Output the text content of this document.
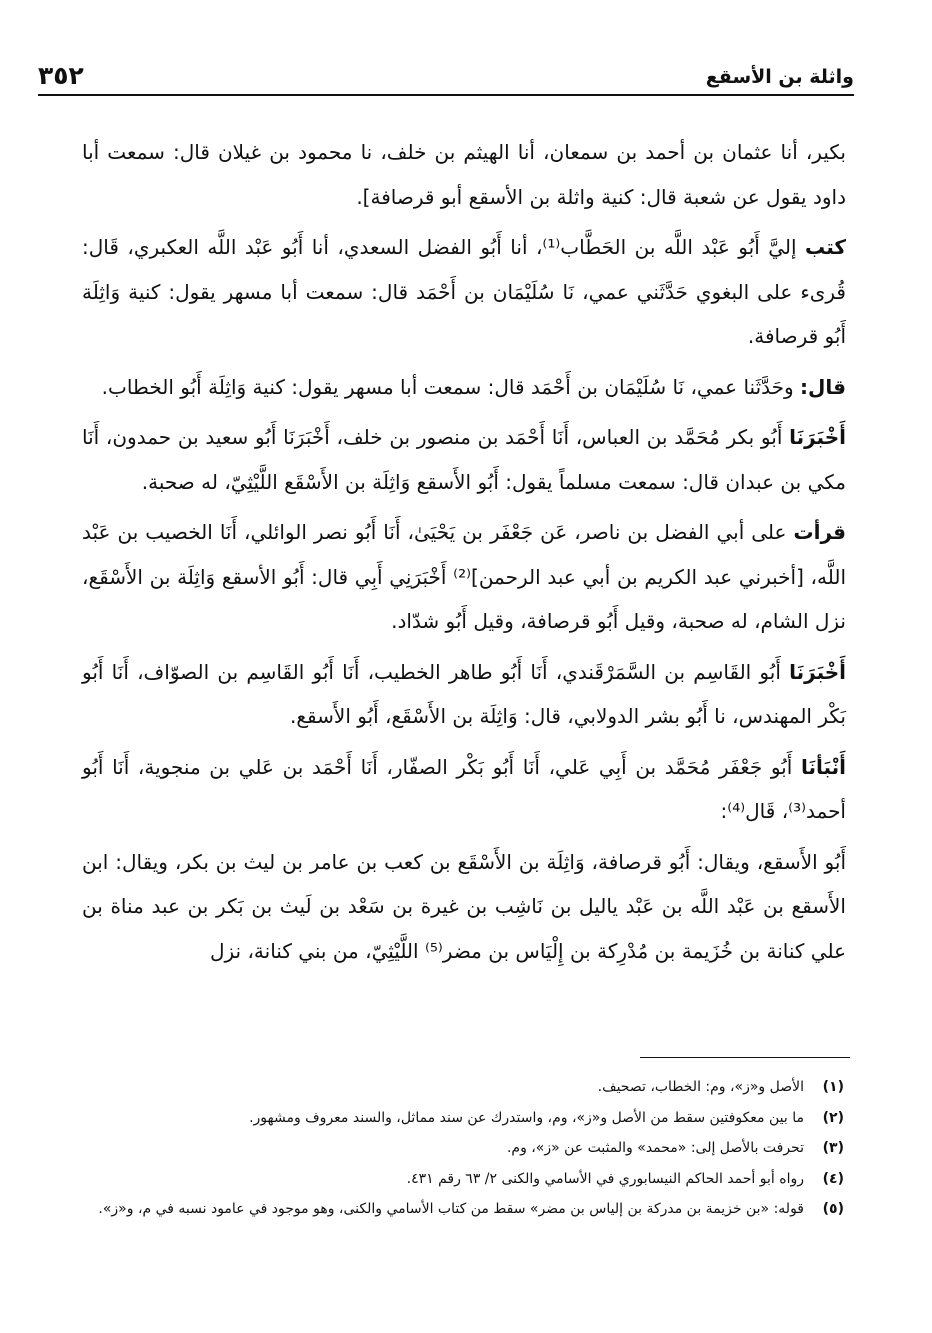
واثلة بن الأسقع
٣٥٢

بكير، أنا عثمان بن أحمد بن سمعان، أنا الهيثم بن خلف، نا محمود بن غيلان قال: سمعت أبا داود يقول عن شعبة قال: كنية واثلة بن الأسقع أبو قرصافة].

كتب إليَّ أَبُو عَبْد اللَّه بن الحَطَّاب⁽¹⁾، أنا أَبُو الفضل السعدي، أنا أَبُو عَبْد اللَّه العكبري، قَال: قُرىء على البغوي حَدَّثَني عمي، نَا سُلَيْمَان بن أَحْمَد قال: سمعت أبا مسهر يقول: كنية وَاثِلَة أَبُو قرصافة.

قال: وحَدَّثَنا عمي، نَا سُلَيْمَان بن أَحْمَد قال: سمعت أبا مسهر يقول: كنية وَاثِلَة أَبُو الخطاب.

أَخْبَرَنَا أَبُو بكر مُحَمَّد بن العباس، أَنَا أَحْمَد بن منصور بن خلف، أَخْبَرَنَا أَبُو سعيد بن حمدون، أَنَا مكي بن عبدان قال: سمعت مسلماً يقول: أَبُو الأَسقع وَاثِلَة بن الأَسْقَع اللَّيْثِيّ، له صحبة.

قرأت على أبي الفضل بن ناصر، عَن جَعْفَر بن يَحْيَىٰ، أَنَا أَبُو نصر الوائلي، أَنَا الخصيب بن عَبْد اللَّه، [أخبرني عبد الكريم بن أبي عبد الرحمن]⁽²⁾ أَخْبَرَنِي أَبِي قال: أَبُو الأسقع وَاثِلَة بن الأَسْقَع، نزل الشام، له صحبة، وقيل أَبُو قرصافة، وقيل أَبُو شدّاد.

أَخْبَرَنَا أَبُو القَاسِم بن السَّمَرْقَندي، أَنَا أَبُو طاهر الخطيب، أَنَا أَبُو القَاسِم بن الصوّاف، أَنَا أَبُو بَكْر المهندس، نا أَبُو بشر الدولابي، قال: وَاثِلَة بن الأَسْقَع، أَبُو الأَسقع.

أَنْبَأنَا أَبُو جَعْفَر مُحَمَّد بن أَبِي عَلي، أَنَا أَبُو بَكْر الصفّار، أَنَا أَحْمَد بن عَلي بن منجوية، أَنَا أَبُو أحمد⁽³⁾، قَال⁽⁴⁾:

أَبُو الأَسقع، ويقال: أَبُو قرصافة، وَاثِلَة بن الأَسْقَع بن كعب بن عامر بن ليث بن بكر، ويقال: ابن الأَسقع بن عَبْد اللَّه بن عَبْد ياليل بن نَاشِب بن غيرة بن سَعْد بن لَيث بن بَكر بن عبد مناة بن علي كنانة بن خُزَيمة بن مُدْرِكة بن إِلْيَاس بن مضر⁽⁵⁾ اللَّيْثِيّ، من بني كنانة، نزل

(١)
الأصل و«ز»، وم: الخطاب، تصحيف.
(٢)
ما بين معكوفتين سقط من الأصل و«ز»، وم، واستدرك عن سند مماثل، والسند معروف ومشهور.
(٣)
تحرفت بالأصل إلى: «محمد» والمثبت عن «ز»، وم.
(٤)
رواه أبو أحمد الحاكم النيسابوري في الأسامي والكنى ٢/ ٦٣ رقم ٤٣١.
(٥)
قوله: «بن خزيمة بن مدركة بن إلياس بن مضر» سقط من كتاب الأسامي والكنى، وهو موجود في عامود نسبه في م، و«ز».
